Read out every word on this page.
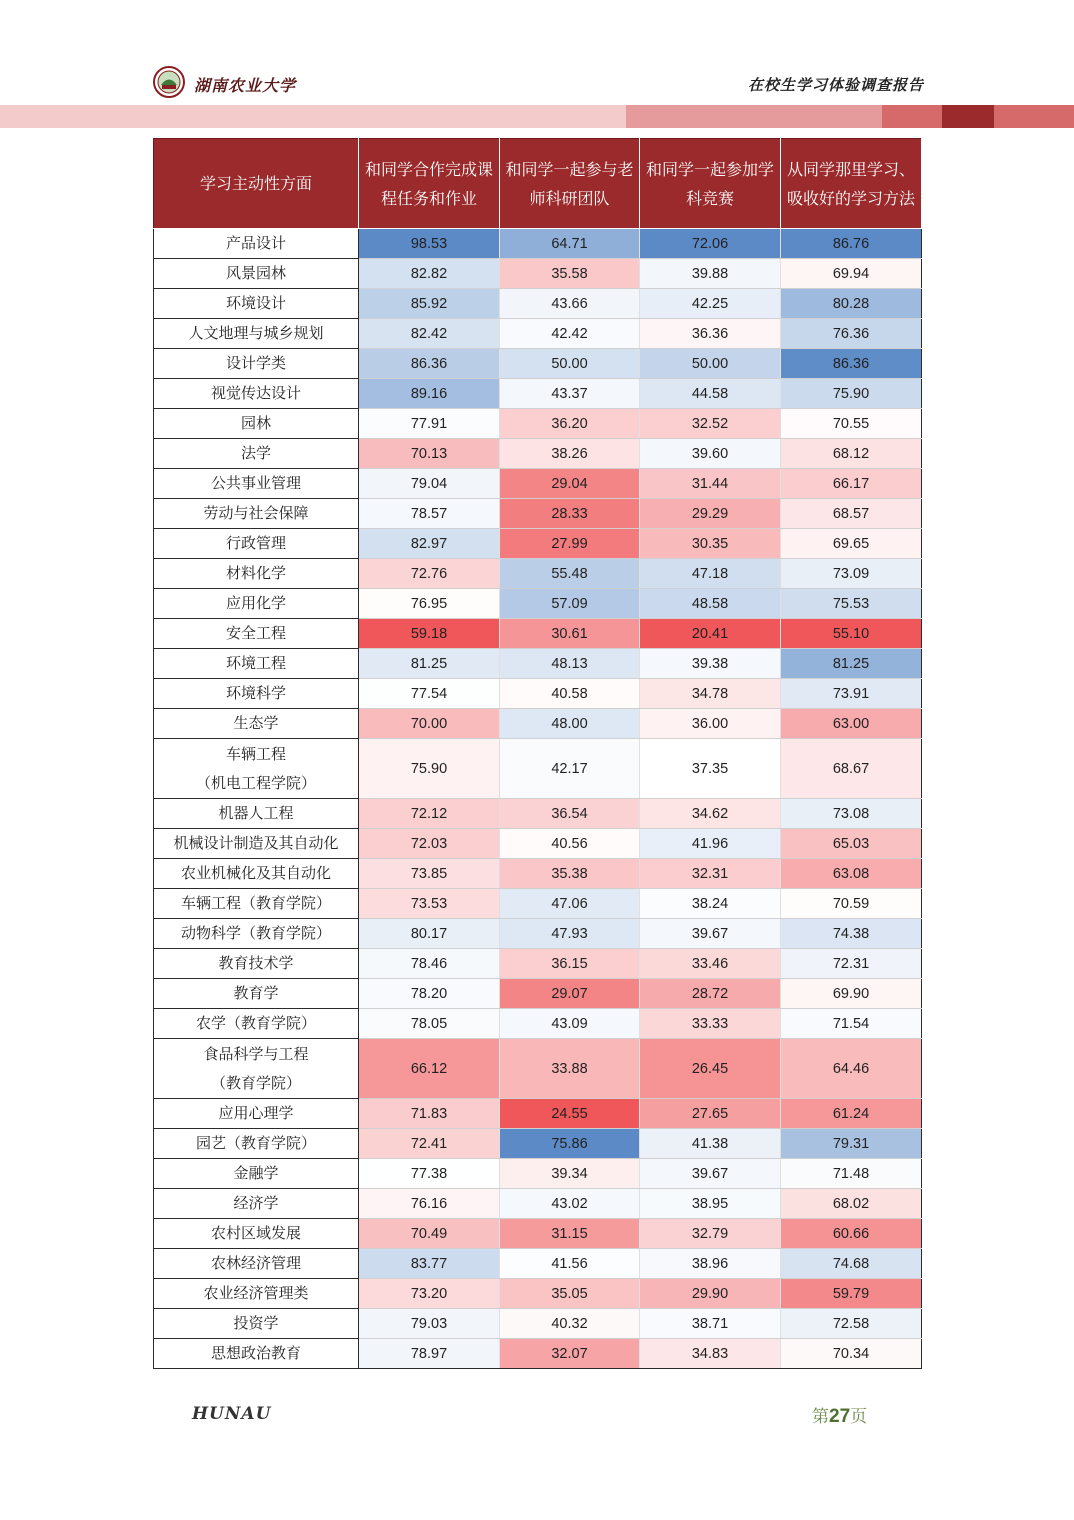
湖南农业大学	在校生学习体验调查报告
学习主动性方面	和同学合作完成课程任务和作业	和同学一起参与老师科研团队	和同学一起参加学科竞赛	从同学那里学习、吸收好的学习方法
产品设计	98.53	64.71	72.06	86.76
风景园林	82.82	35.58	39.88	69.94
环境设计	85.92	43.66	42.25	80.28
人文地理与城乡规划	82.42	42.42	36.36	76.36
设计学类	86.36	50.00	50.00	86.36
视觉传达设计	89.16	43.37	44.58	75.90
园林	77.91	36.20	32.52	70.55
法学	70.13	38.26	39.60	68.12
公共事业管理	79.04	29.04	31.44	66.17
劳动与社会保障	78.57	28.33	29.29	68.57
行政管理	82.97	27.99	30.35	69.65
材料化学	72.76	55.48	47.18	73.09
应用化学	76.95	57.09	48.58	75.53
安全工程	59.18	30.61	20.41	55.10
环境工程	81.25	48.13	39.38	81.25
环境科学	77.54	40.58	34.78	73.91
生态学	70.00	48.00	36.00	63.00
车辆工程
（机电工程学院）	75.90	42.17	37.35	68.67
机器人工程	72.12	36.54	34.62	73.08
机械设计制造及其自动化	72.03	40.56	41.96	65.03
农业机械化及其自动化	73.85	35.38	32.31	63.08
车辆工程（教育学院）	73.53	47.06	38.24	70.59
动物科学（教育学院）	80.17	47.93	39.67	74.38
教育技术学	78.46	36.15	33.46	72.31
教育学	78.20	29.07	28.72	69.90
农学（教育学院）	78.05	43.09	33.33	71.54
食品科学与工程
（教育学院）	66.12	33.88	26.45	64.46
应用心理学	71.83	24.55	27.65	61.24
园艺（教育学院）	72.41	75.86	41.38	79.31
金融学	77.38	39.34	39.67	71.48
经济学	76.16	43.02	38.95	68.02
农村区域发展	70.49	31.15	32.79	60.66
农林经济管理	83.77	41.56	38.96	74.68
农业经济管理类	73.20	35.05	29.90	59.79
投资学	79.03	40.32	38.71	72.58
思想政治教育	78.97	32.07	34.83	70.34
HUNAU	第27页
